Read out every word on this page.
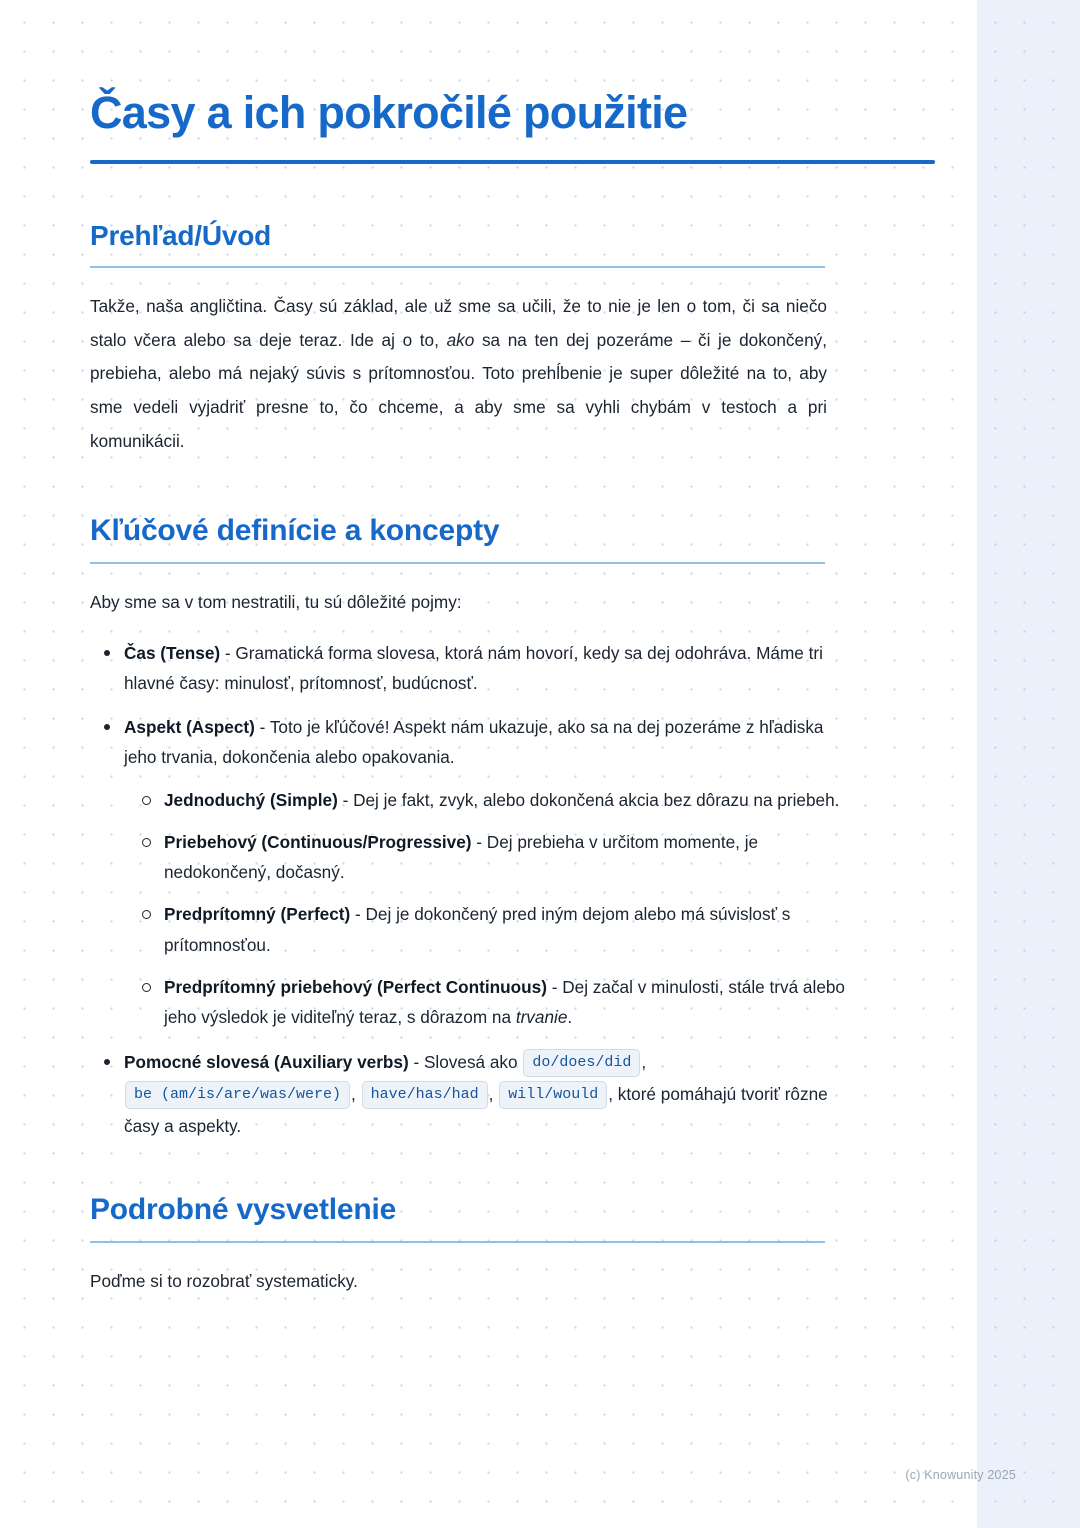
Časy a ich pokročilé použitie
Prehľad/Úvod

Takže, naša angličtina. Časy sú základ, ale už sme sa učili, že to nie je len o tom, či sa niečo stalo včera alebo sa deje teraz. Ide aj o to, ako sa na ten dej pozeráme – či je dokončený, prebieha, alebo má nejaký súvis s prítomnosťou. Toto prehĺbenie je super dôležité na to, aby sme vedeli vyjadriť presne to, čo chceme, a aby sme sa vyhli chybám v testoch a pri komunikácii.

Kľúčové definície a koncepty

Aby sme sa v tom nestratili, tu sú dôležité pojmy:

Čas (Tense) - Gramatická forma slovesa, ktorá nám hovorí, kedy sa dej odohráva. Máme tri hlavné časy: minulosť, prítomnosť, budúcnosť.
Aspekt (Aspect) - Toto je kľúčové! Aspekt nám ukazuje, ako sa na dej pozeráme z hľadiska jeho trvania, dokončenia alebo opakovania.
Jednoduchý (Simple) - Dej je fakt, zvyk, alebo dokončená akcia bez dôrazu na priebeh.
Priebehový (Continuous/Progressive) - Dej prebieha v určitom momente, je nedokončený, dočasný.
Predprítomný (Perfect) - Dej je dokončený pred iným dejom alebo má súvislosť s prítomnosťou.
Predprítomný priebehový (Perfect Continuous) - Dej začal v minulosti, stále trvá alebo jeho výsledok je viditeľný teraz, s dôrazom na trvanie.
Pomocné slovesá (Auxiliary verbs) - Slovesá ako do/does/did , be (am/is/are/was/were) , have/has/had , will/would , ktoré pomáhajú tvoriť rôzne časy a aspekty.
Podrobné vysvetlenie

Poďme si to rozobrať systematicky.

(c) Knowunity 2025
